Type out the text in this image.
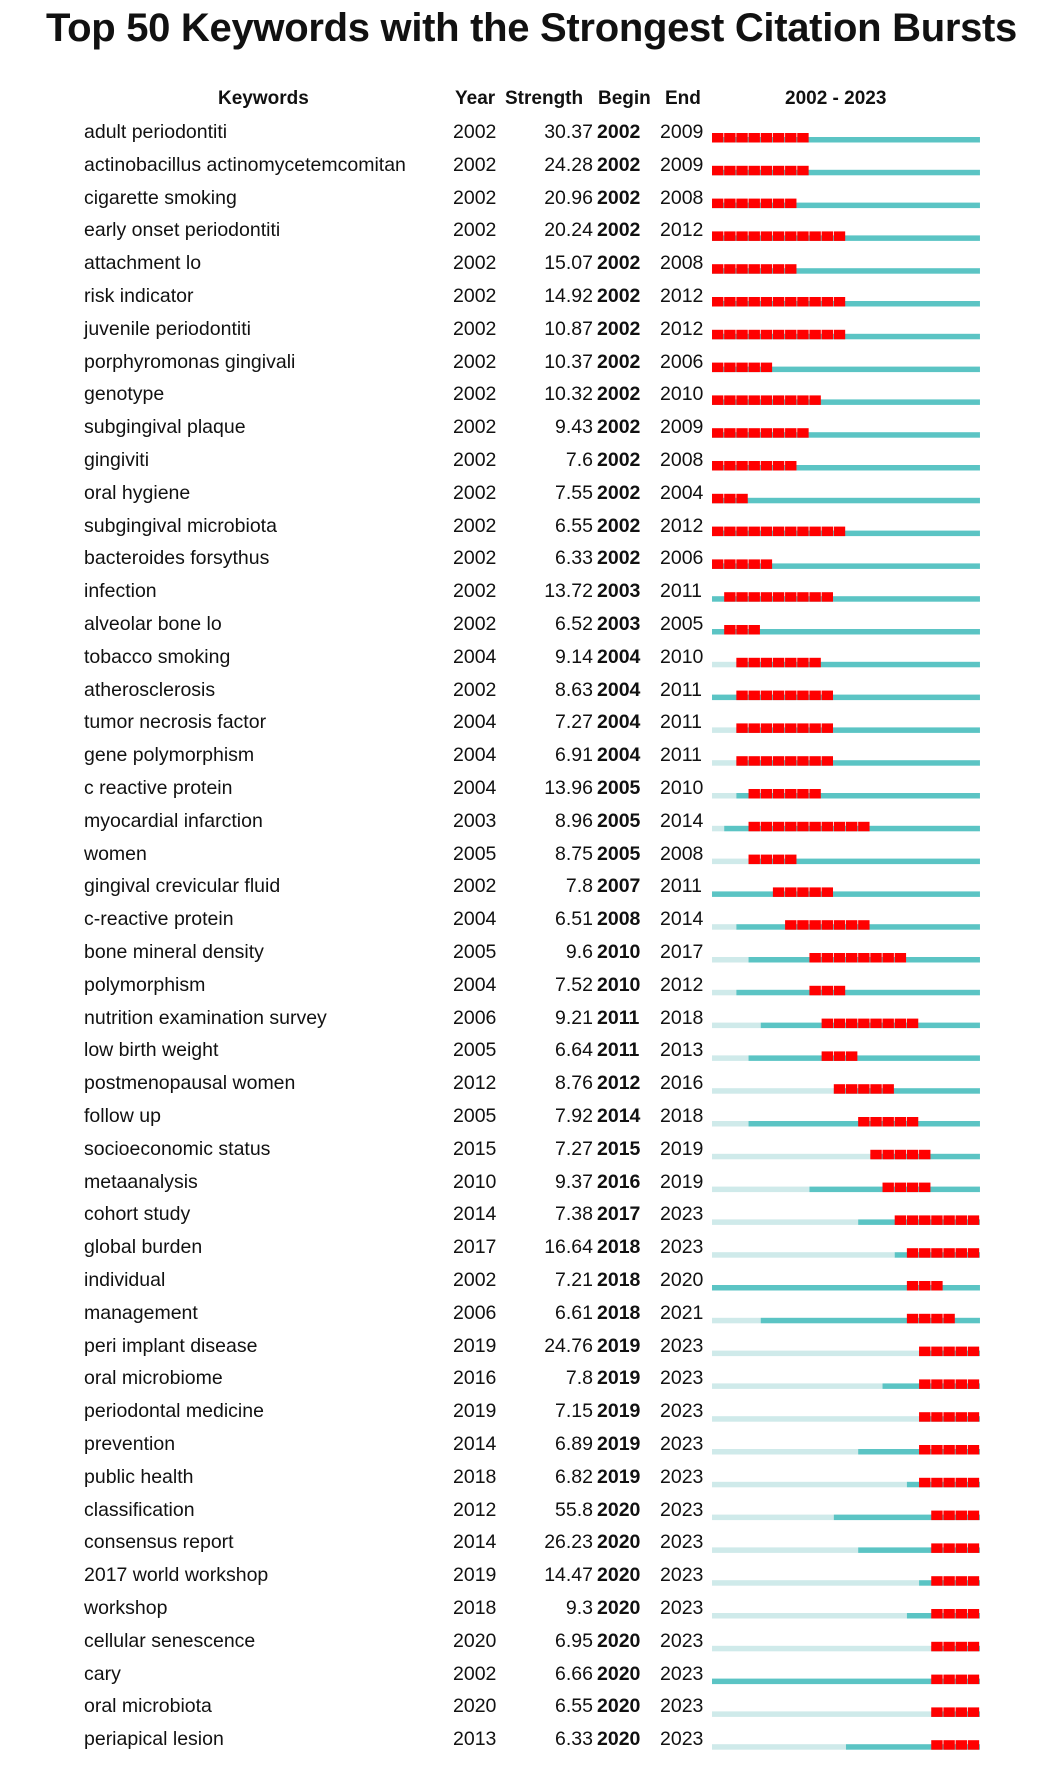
Top 50 Keywords with the Strongest Citation Bursts
Keywords	Year Strength Begin End	2002 - 2023
adult periodontiti	2002 30.37 2002 2009
actinobacillus actinomycetemcomitan 2002 24.28 2002 2009
cigarette smoking	2002 20.96 2002 2008
early onset periodontiti	2002 20.24 2002 2012
attachment lo	2002 15.07 2002 2008
risk indicator	2002 14.92 2002 2012
juvenile periodontiti	2002 10.87 2002 2012
porphyromonas gingivali	2002 10.37 2002 2006
genotype	2002 10.32 2002 2010
subgingival plaque	2002	9.43 2002 2009
gingiviti	2002	7.6 2002 2008
oral hygiene	2002	7.55 2002 2004
subgingival microbiota	2002	6.55 2002 2012
bacteroides forsythus	2002	6.33 2002 2006
infection	2002 13.72 2003 2011
alveolar bone lo	2002	6.52 2003 2005
tobacco smoking	2004	9.14 2004 2010
atherosclerosis	2002	8.63 2004 2011
tumor necrosis factor	2004	7.27 2004 2011
gene polymorphism	2004	6.91 2004 2011
c reactive protein	2004 13.96 2005 2010
myocardial infarction	2003	8.96 2005 2014
women	2005	8.75 2005 2008
gingival crevicular fluid	2002	7.8 2007 2011
c-reactive protein	2004	6.51 2008 2014
bone mineral density	2005	9.6 2010 2017
polymorphism	2004	7.52 2010 2012
nutrition examination survey	2006	9.21 2011 2018
low birth weight	2005	6.64 2011 2013
postmenopausal women	2012	8.76 2012 2016
follow up	2005	7.92 2014 2018
socioeconomic status	2015	7.27 2015 2019
metaanalysis	2010	9.37 2016 2019
cohort study	2014	7.38 2017 2023
global burden	2017 16.64 2018 2023
individual	2002	7.21 2018 2020
management	2006	6.61 2018 2021
peri implant disease	2019 24.76 2019 2023
oral microbiome	2016	7.8 2019 2023
periodontal medicine	2019	7.15 2019 2023
prevention	2014	6.89 2019 2023
public health	2018	6.82 2019 2023
classification	2012	55.8 2020 2023
consensus report	2014 26.23 2020 2023
2017 world workshop	2019 14.47 2020 2023
workshop	2018	9.3 2020 2023
cellular senescence	2020	6.95 2020 2023
cary	2002	6.66 2020 2023
oral microbiota	2020	6.55 2020 2023
periapical lesion	2013	6.33 2020 2023
